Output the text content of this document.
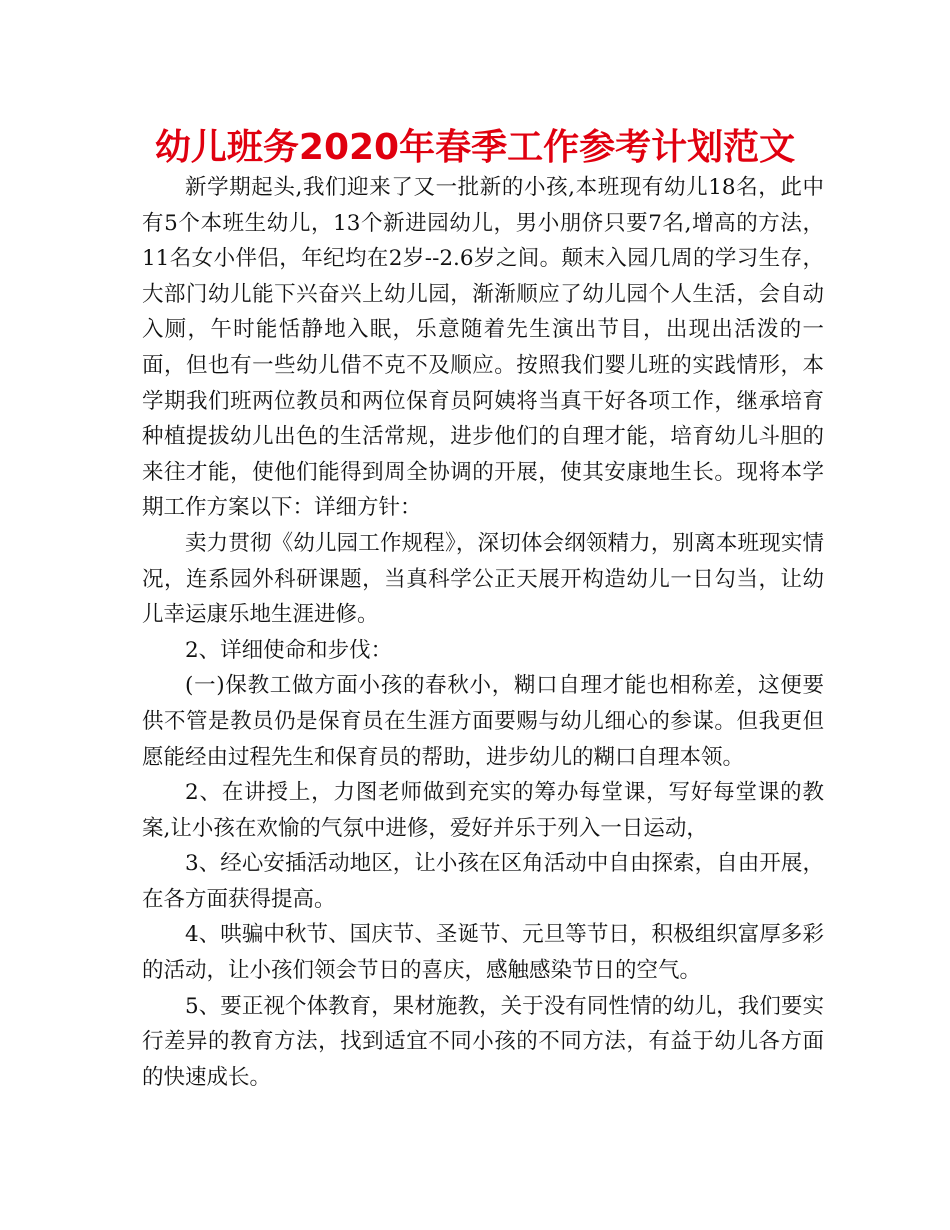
幼儿班务2020年春季工作参考计划范文

新学期起头,我们迎来了又一批新的小孩,本班现有幼儿18名，此中有5个本班生幼儿，13个新进园幼儿，男小朋侪只要7名,增高的方法，11名女小伴侣，年纪均在2岁--2.6岁之间。颠末入园几周的学习生存，大部门幼儿能下兴奋兴上幼儿园，渐渐顺应了幼儿园个人生活，会自动入厕，午时能恬静地入眠，乐意随着先生演出节目，出现出活泼的一面，但也有一些幼儿借不克不及顺应。按照我们婴儿班的实践情形，本学期我们班两位教员和两位保育员阿姨将当真干好各项工作，继承培育种植提拔幼儿出色的生活常规，进步他们的自理才能，培育幼儿斗胆的来往才能，使他们能得到周全协调的开展，使其安康地生长。现将本学期工作方案以下：详细方针：

卖力贯彻《幼儿园工作规程》，深切体会纲领精力，别离本班现实情况，连系园外科研课题，当真科学公正天展开构造幼儿一日勾当，让幼儿幸运康乐地生涯进修。

2、详细使命和步伐：

(一)保教工做方面小孩的春秋小，糊口自理才能也相称差，这便要供不管是教员仍是保育员在生涯方面要赐与幼儿细心的参谋。但我更但愿能经由过程先生和保育员的帮助，进步幼儿的糊口自理本领。

2、在讲授上，力图老师做到充实的筹办每堂课，写好每堂课的教案,让小孩在欢愉的气氛中进修，爱好并乐于列入一日运动，

3、经心安插活动地区，让小孩在区角活动中自由探索，自由开展，在各方面获得提高。

4、哄骗中秋节、国庆节、圣诞节、元旦等节日，积极组织富厚多彩的活动，让小孩们领会节日的喜庆，感触感染节日的空气。

5、要正视个体教育，果材施教，关于没有同性情的幼儿，我们要实行差异的教育方法，找到适宜不同小孩的不同方法，有益于幼儿各方面的快速成长。
